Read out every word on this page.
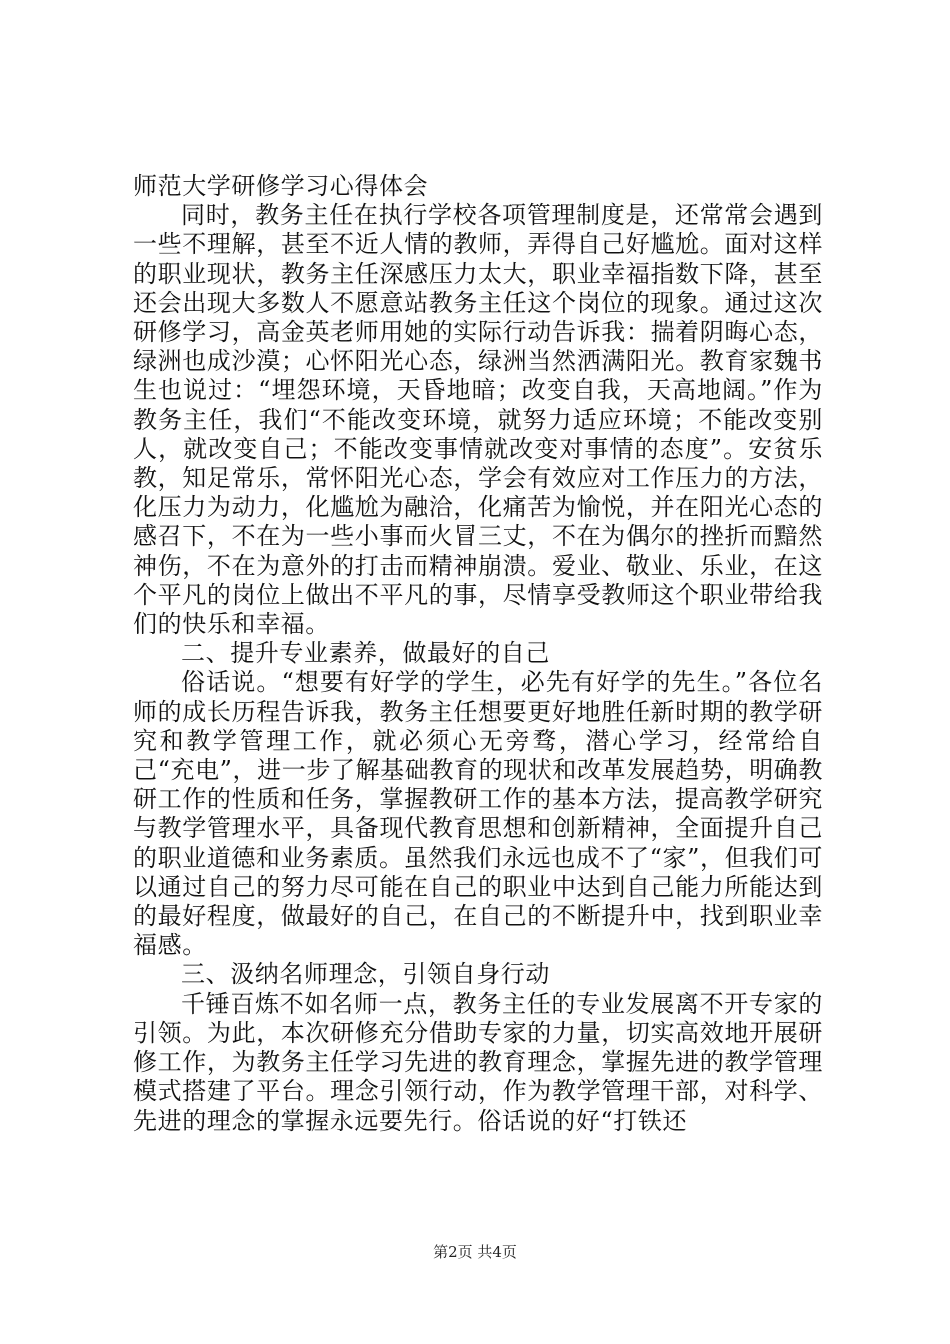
师范大学研修学习心得体会

同时，教务主任在执行学校各项管理制度是，还常常会遇到一些不理解，甚至不近人情的教师，弄得自己好尴尬。面对这样的职业现状，教务主任深感压力太大，职业幸福指数下降，甚至还会出现大多数人不愿意站教务主任这个岗位的现象。通过这次研修学习，高金英老师用她的实际行动告诉我：揣着阴晦心态，绿洲也成沙漠；心怀阳光心态，绿洲当然洒满阳光。教育家魏书生也说过：“埋怨环境，天昏地暗；改变自我，天高地阔。”作为教务主任，我们“不能改变环境，就努力适应环境；不能改变别人，就改变自己；不能改变事情就改变对事情的态度”。安贫乐教，知足常乐，常怀阳光心态，学会有效应对工作压力的方法，化压力为动力，化尴尬为融洽，化痛苦为愉悦，并在阳光心态的感召下，不在为一些小事而火冒三丈，不在为偶尔的挫折而黯然神伤，不在为意外的打击而精神崩溃。爱业、敬业、乐业，在这个平凡的岗位上做出不平凡的事，尽情享受教师这个职业带给我们的快乐和幸福。

二、提升专业素养，做最好的自己

俗话说。“想要有好学的学生，必先有好学的先生。”各位名师的成长历程告诉我，教务主任想要更好地胜任新时期的教学研究和教学管理工作，就必须心无旁骛，潜心学习，经常给自己“充电”，进一步了解基础教育的现状和改革发展趋势，明确教研工作的性质和任务，掌握教研工作的基本方法，提高教学研究与教学管理水平，具备现代教育思想和创新精神，全面提升自己的职业道德和业务素质。虽然我们永远也成不了“家”，但我们可以通过自己的努力尽可能在自己的职业中达到自己能力所能达到的最好程度，做最好的自己，在自己的不断提升中，找到职业幸福感。

三、汲纳名师理念，引领自身行动

千锤百炼不如名师一点，教务主任的专业发展离不开专家的引领。为此，本次研修充分借助专家的力量，切实高效地开展研修工作，为教务主任学习先进的教育理念，掌握先进的教学管理模式搭建了平台。理念引领行动，作为教学管理干部，对科学、先进的理念的掌握永远要先行。俗话说的好“打铁还

第2页 共4页
